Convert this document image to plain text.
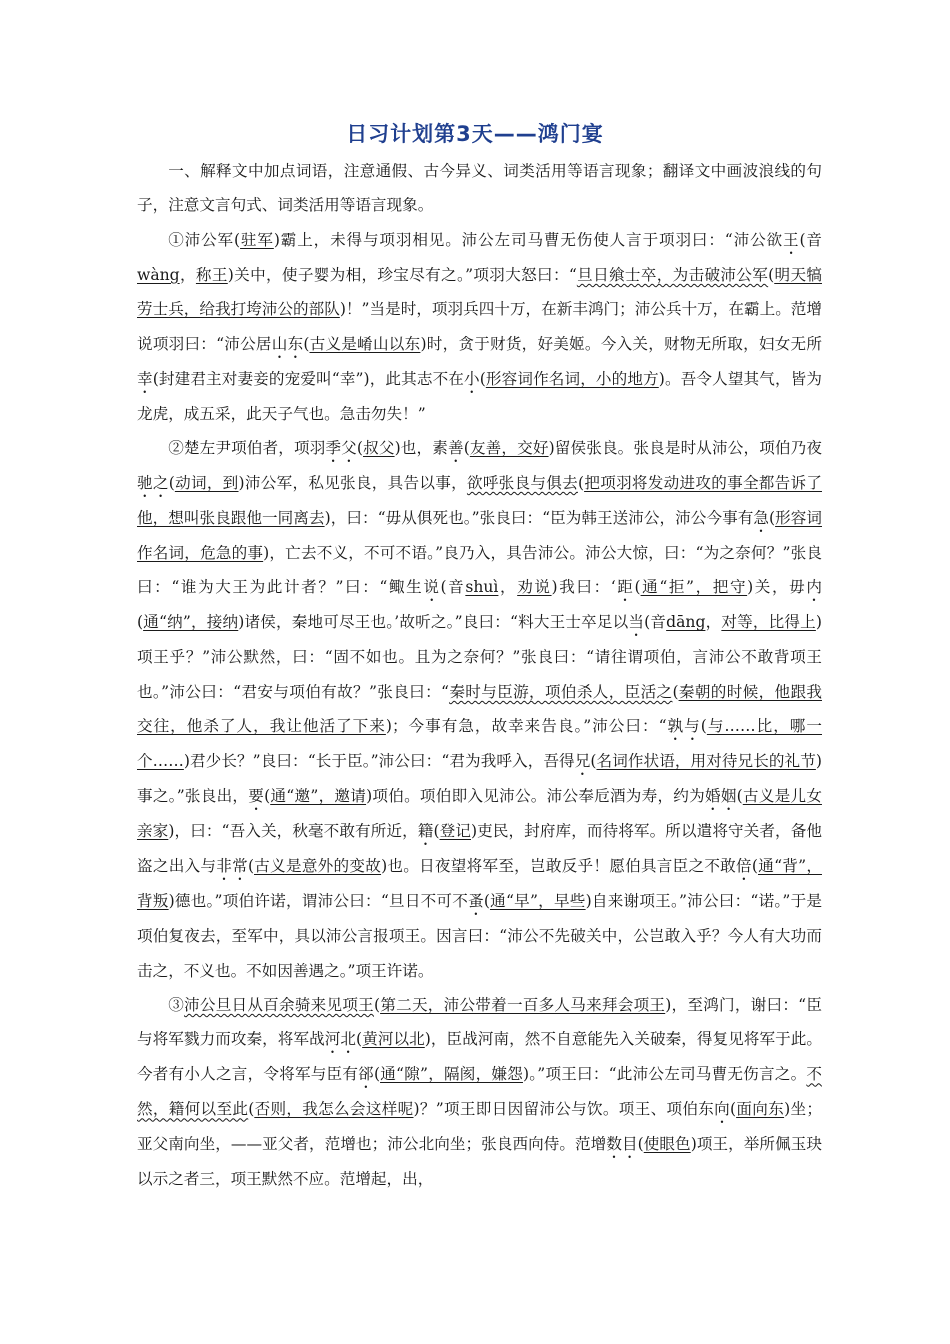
日习计划第3天——鸿门宴

一、解释文中加点词语，注意通假、古今异义、词类活用等语言现象；翻译文中画波浪线的句子，注意文言句式、词类活用等语言现象。

①沛公军(驻军)霸上，未得与项羽相见。沛公左司马曹无伤使人言于项羽曰：“沛公欲王(音wàng，称王)关中，使子婴为相，珍宝尽有之。”项羽大怒曰：“旦日飨士卒，为击破沛公军(明天犒劳士兵，给我打垮沛公的部队)！”当是时，项羽兵四十万，在新丰鸿门；沛公兵十万，在霸上。范增说项羽曰：“沛公居山东(古义是崤山以东)时，贪于财货，好美姬。今入关，财物无所取，妇女无所幸(封建君主对妻妾的宠爱叫“幸”)，此其志不在小(形容词作名词，小的地方)。吾令人望其气，皆为龙虎，成五采，此天子气也。急击勿失！”

②楚左尹项伯者，项羽季父(叔父)也，素善(友善，交好)留侯张良。张良是时从沛公，项伯乃夜驰之(动词，到)沛公军，私见张良，具告以事，欲呼张良与俱去(把项羽将发动进攻的事全都告诉了他，想叫张良跟他一同离去)，曰：“毋从俱死也。”张良曰：“臣为韩王送沛公，沛公今事有急(形容词作名词，危急的事)，亡去不义，不可不语。”良乃入，具告沛公。沛公大惊，曰：“为之奈何？”张良曰：“谁为大王为此计者？”曰：“鲰生说(音shuì，劝说)我曰：‘距(通“拒”，把守)关，毋内(通“纳”，接纳)诸侯，秦地可尽王也。’故听之。”良曰：“料大王士卒足以当(音dāng，对等，比得上)项王乎？”沛公默然，曰：“固不如也。且为之奈何？”张良曰：“请往谓项伯，言沛公不敢背项王也。”沛公曰：“君安与项伯有故？”张良曰：“秦时与臣游，项伯杀人，臣活之(秦朝的时候，他跟我交往，他杀了人，我让他活了下来)；今事有急，故幸来告良。”沛公曰：“孰与(与……比，哪一个……)君少长？”良曰：“长于臣。”沛公曰：“君为我呼入，吾得兄(名词作状语，用对待兄长的礼节)事之。”张良出，要(通“邀”，邀请)项伯。项伯即入见沛公。沛公奉卮酒为寿，约为婚姻(古义是儿女亲家)，曰：“吾入关，秋毫不敢有所近，籍(登记)吏民，封府库，而待将军。所以遣将守关者，备他盗之出入与非常(古义是意外的变故)也。日夜望将军至，岂敢反乎！愿伯具言臣之不敢倍(通“背”，背叛)德也。”项伯许诺，谓沛公曰：“旦日不可不蚤(通“早”，早些)自来谢项王。”沛公曰：“诺。”于是项伯复夜去，至军中，具以沛公言报项王。因言曰：“沛公不先破关中，公岂敢入乎？今人有大功而击之，不义也。不如因善遇之。”项王许诺。

③沛公旦日从百余骑来见项王(第二天，沛公带着一百多人马来拜会项王)，至鸿门，谢曰：“臣与将军戮力而攻秦，将军战河北(黄河以北)，臣战河南，然不自意能先入关破秦，得复见将军于此。今者有小人之言，令将军与臣有郤(通“隙”，隔阂，嫌怨)。”项王曰：“此沛公左司马曹无伤言之。不然，籍何以至此(否则，我怎么会这样呢)？”项王即日因留沛公与饮。项王、项伯东向(面向东)坐；亚父南向坐，——亚父者，范增也；沛公北向坐；张良西向侍。范增数目(使眼色)项王，举所佩玉玦以示之者三，项王默然不应。范增起，出，
